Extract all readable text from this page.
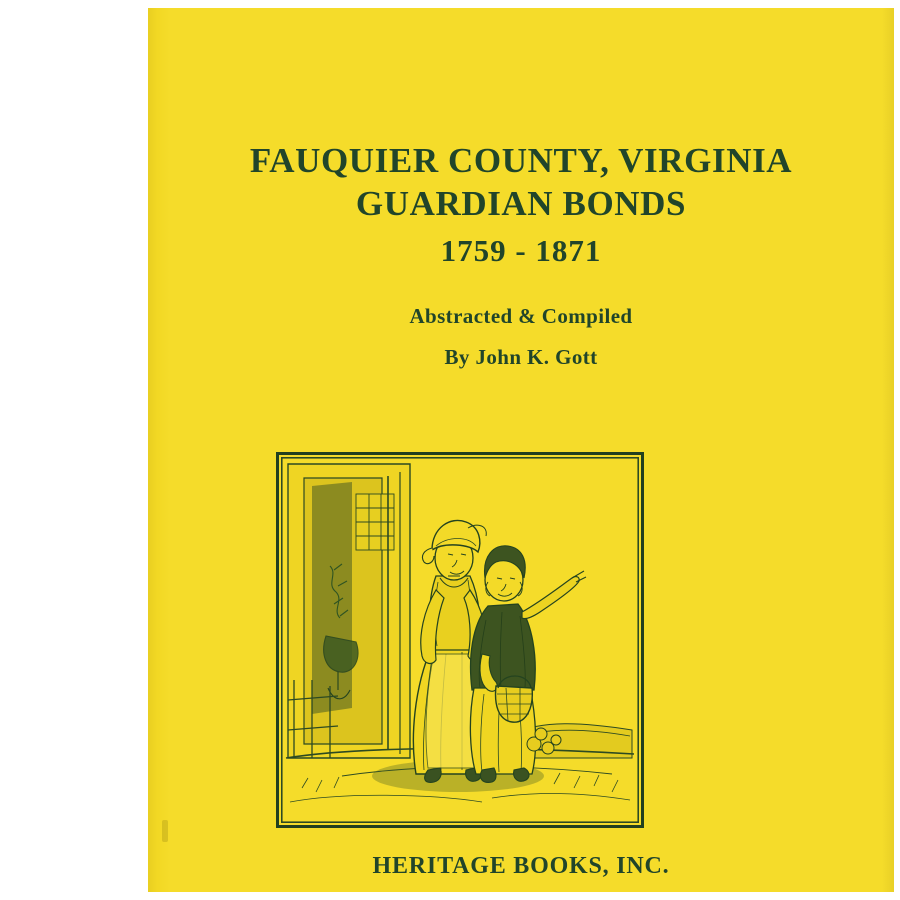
FAUQUIER COUNTY, VIRGINIA
GUARDIAN BONDS
1759 - 1871
Abstracted & Compiled
By John K. Gott
HERITAGE BOOKS, INC.
